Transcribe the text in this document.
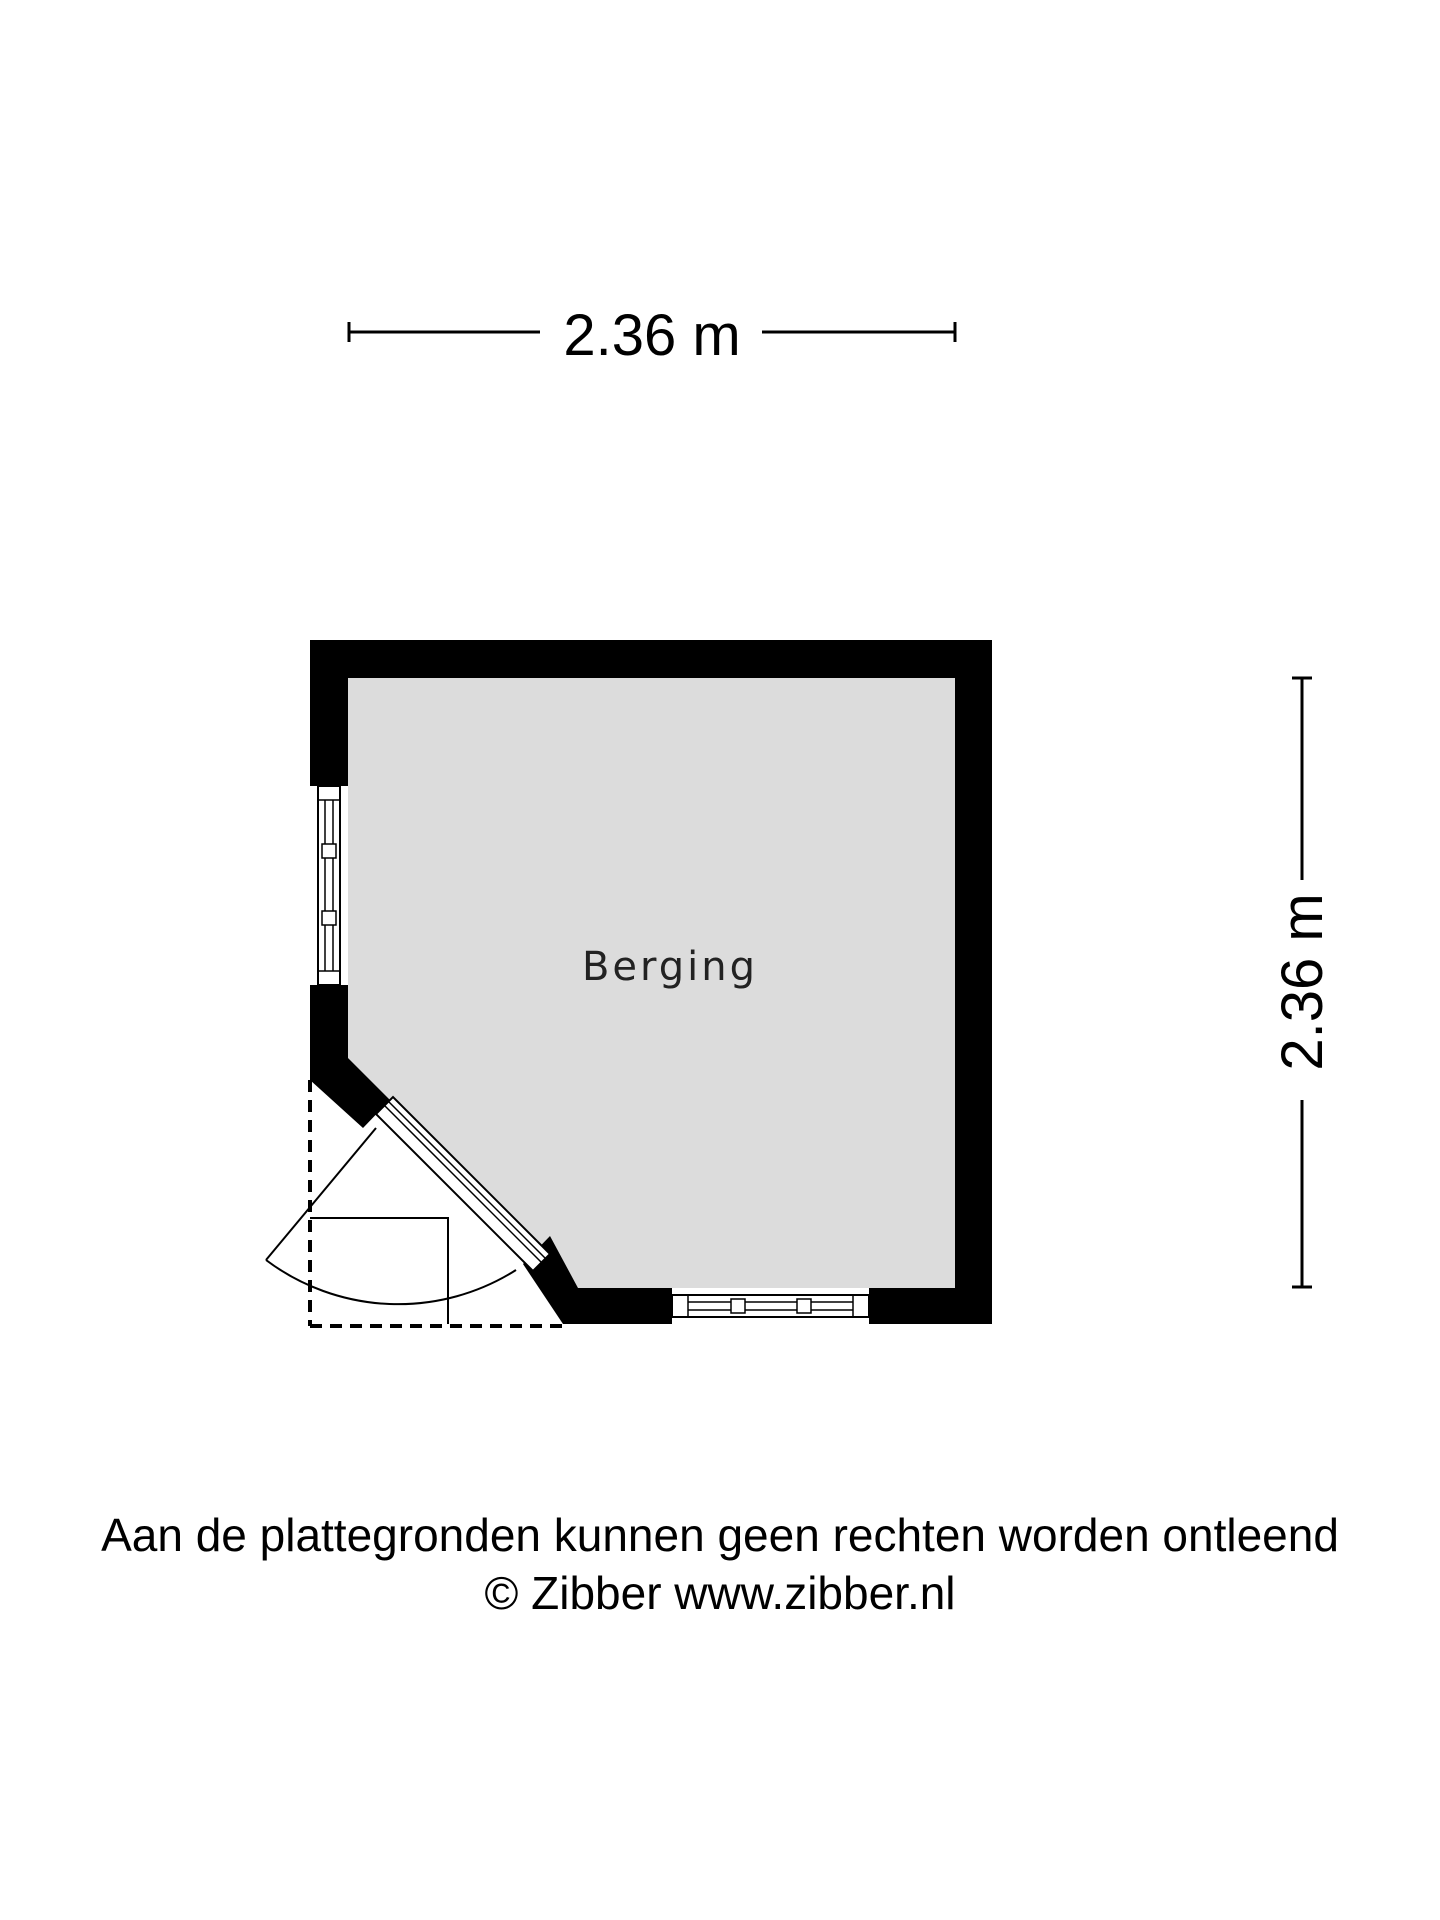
2.36 m
2.36 m
Berging
Aan de plattegronden kunnen geen rechten worden ontleend
© Zibber www.zibber.nl
